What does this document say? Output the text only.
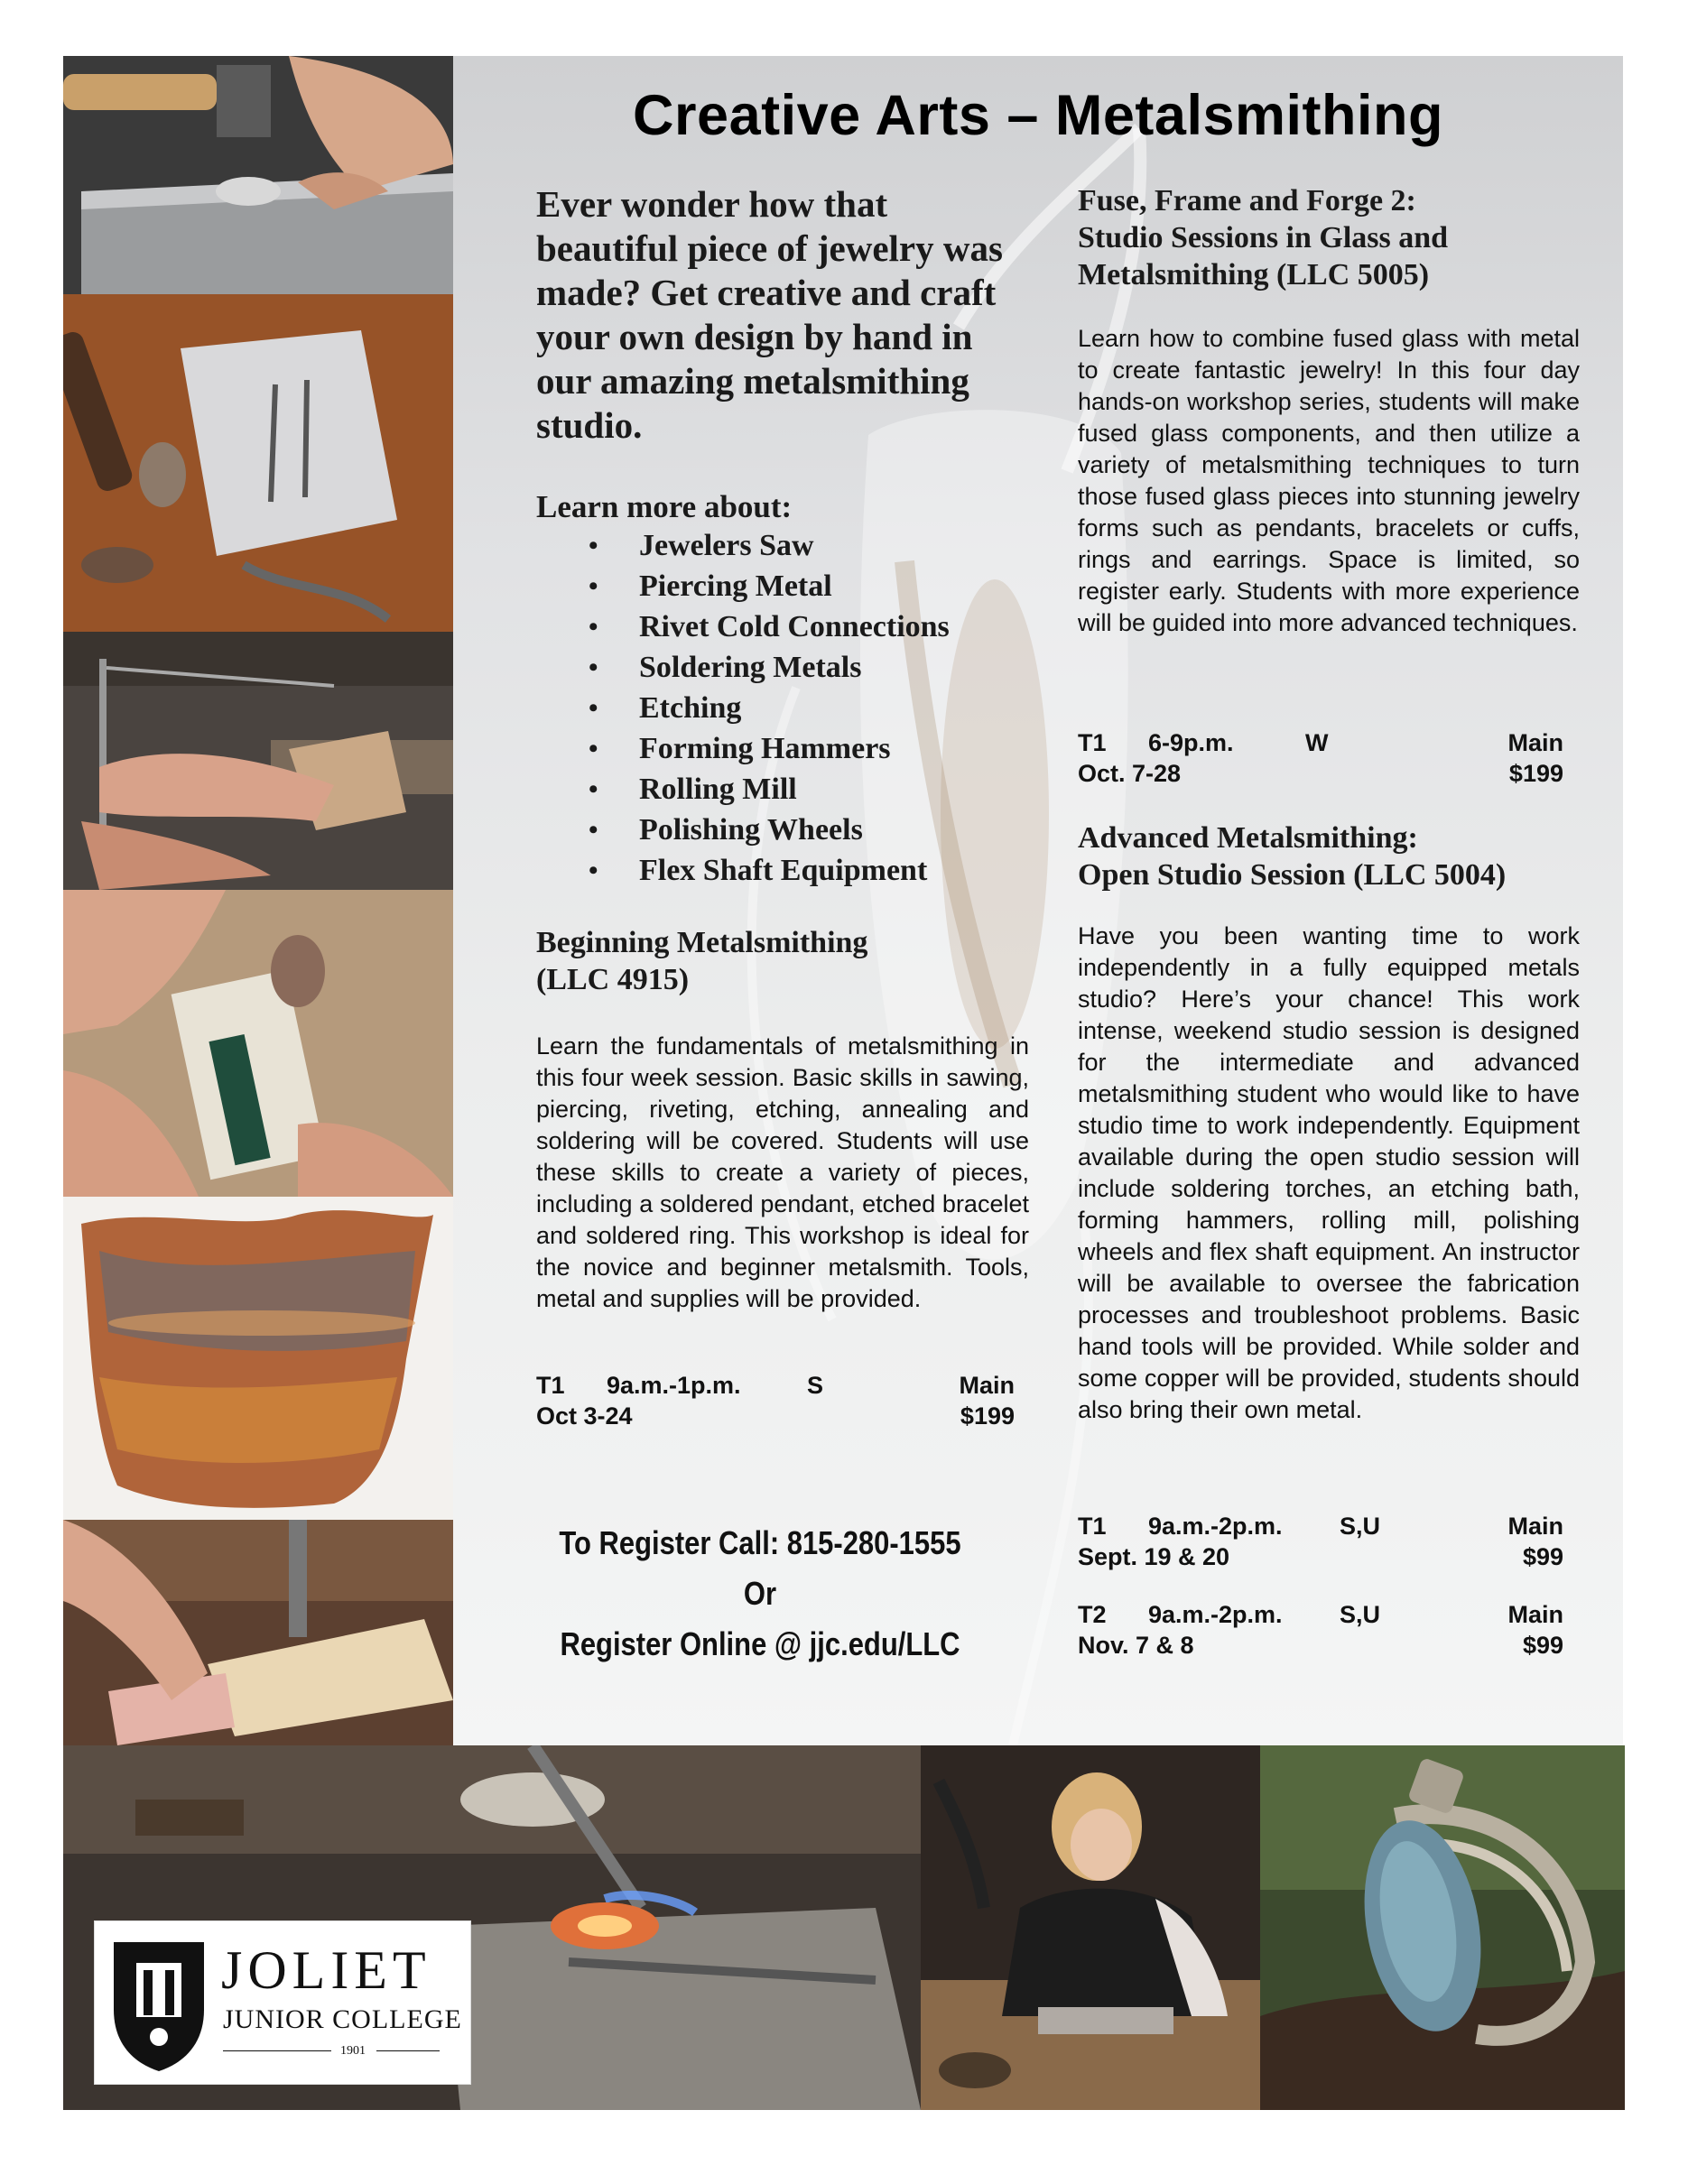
Creative Arts – Metalsmithing
Ever wonder how that beautiful piece of jewelry was made? Get creative and craft your own design by hand in our amazing metalsmithing studio.
Learn more about:
• Jewelers Saw
• Piercing Metal
• Rivet Cold Connections
• Soldering Metals
• Etching
• Forming Hammers
• Rolling Mill
• Polishing Wheels
• Flex Shaft Equipment
Beginning Metalsmithing
(LLC 4915)
Learn the fundamentals of metalsmithing in this four week session. Basic skills in sawing, piercing, riveting, etching, annealing and soldering will be covered. Students will use these skills to create a variety of pieces, including a soldered pendant, etched bracelet and soldered ring. This workshop is ideal for the novice and beginner metalsmith. Tools, metal and supplies will be provided.
T1 9a.m.-1p.m.	S	Main
Oct 3-24	$199
To Register Call: 815-280-1555
Or
Register Online @ jjc.edu/LLC
Fuse, Frame and Forge 2:
Studio Sessions in Glass and
Metalsmithing (LLC 5005)
Learn how to combine fused glass with metal to create fantastic jewelry! In this four day hands-on workshop series, students will make fused glass components, and then utilize a variety of metalsmithing techniques to turn those fused glass pieces into stunning jewelry forms such as pendants, bracelets or cuffs, rings and earrings. Space is limited, so register early. Students with more experience will be guided into more advanced techniques.
T1 6-9p.m.	W	Main
Oct. 7-28	$199
Advanced Metalsmithing:
Open Studio Session (LLC 5004)
Have you been wanting time to work independently in a fully equipped metals studio? Here’s your chance! This work intense, weekend studio session is designed for the intermediate and advanced metalsmithing student who would like to have studio time to work independently. Equipment available during the open studio session will include soldering torches, an etching bath, forming hammers, rolling mill, polishing wheels and flex shaft equipment. An instructor will be available to oversee the fabrication processes and troubleshoot problems. Basic hand tools will be provided. While solder and some copper will be provided, students should also bring their own metal.
T1 9a.m.-2p.m. S,U	Main
Sept. 19 & 20	$99
T2 9a.m.-2p.m. S,U	Main
Nov. 7 & 8	$99
JOLIET
JUNIOR COLLEGE
1901
